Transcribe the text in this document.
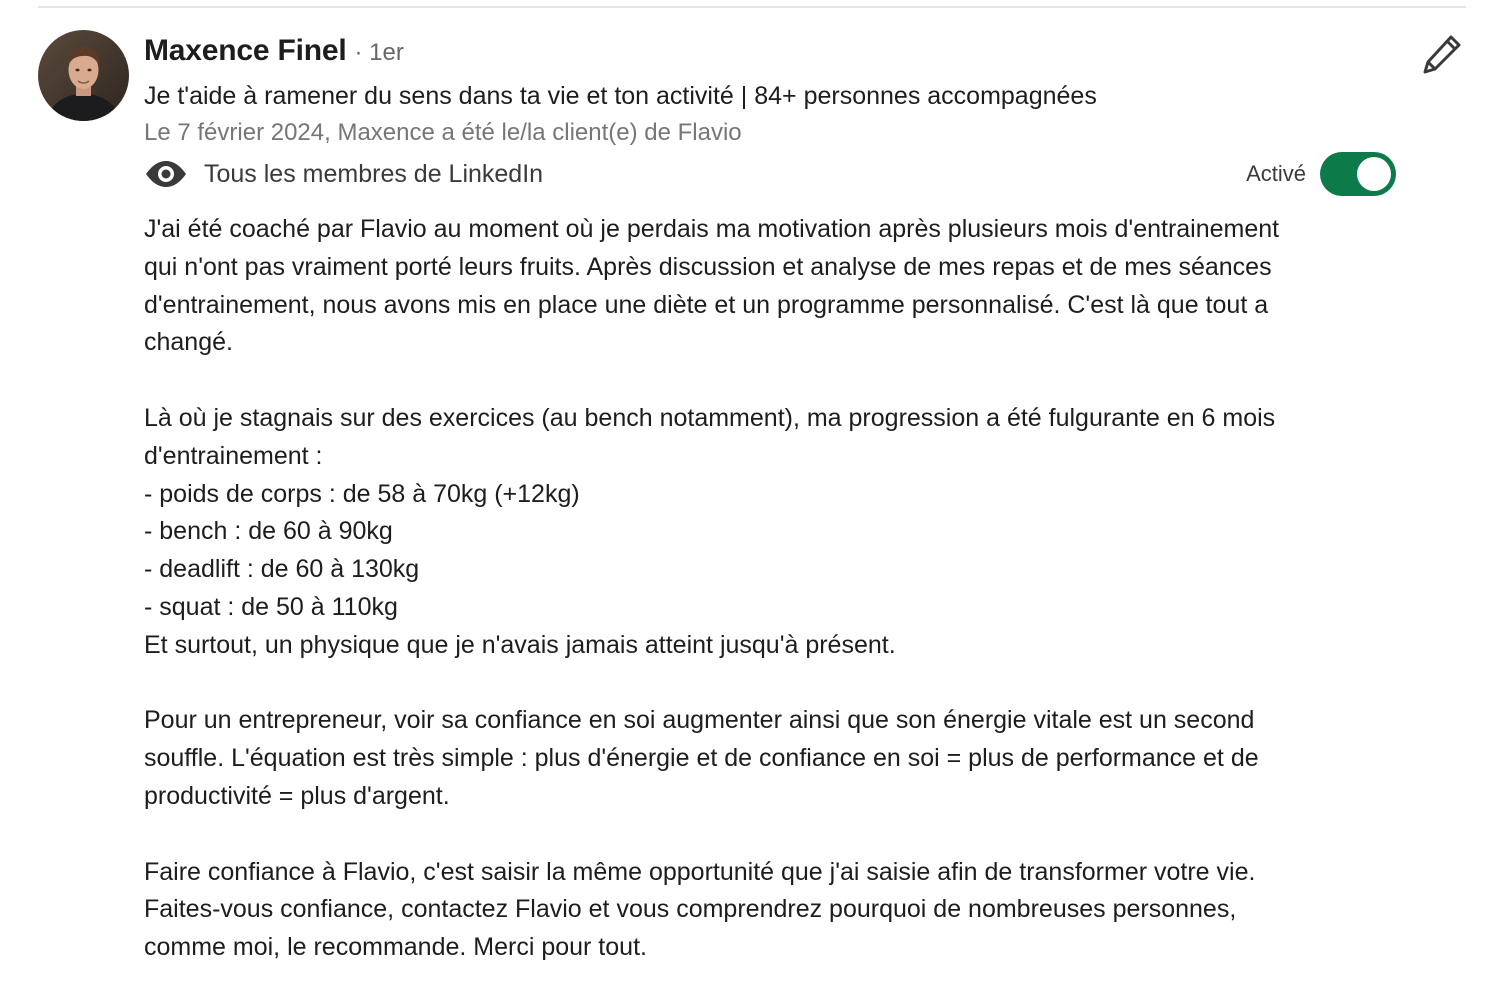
Maxence Finel · 1er
Je t'aide à ramener du sens dans ta vie et ton activité | 84+ personnes accompagnées
Le 7 février 2024, Maxence a été le/la client(e) de Flavio
Tous les membres de LinkedIn	Activé

J'ai été coaché par Flavio au moment où je perdais ma motivation après plusieurs mois d'entrainement
qui n'ont pas vraiment porté leurs fruits. Après discussion et analyse de mes repas et de mes séances
d'entrainement, nous avons mis en place une diète et un programme personnalisé. C'est là que tout a
changé.

Là où je stagnais sur des exercices (au bench notamment), ma progression a été fulgurante en 6 mois
d'entrainement :
- poids de corps : de 58 à 70kg (+12kg)
- bench : de 60 à 90kg
- deadlift : de 60 à 130kg
- squat : de 50 à 110kg
Et surtout, un physique que je n'avais jamais atteint jusqu'à présent.

Pour un entrepreneur, voir sa confiance en soi augmenter ainsi que son énergie vitale est un second
souffle. L'équation est très simple : plus d'énergie et de confiance en soi = plus de performance et de
productivité = plus d'argent.

Faire confiance à Flavio, c'est saisir la même opportunité que j'ai saisie afin de transformer votre vie.
Faites-vous confiance, contactez Flavio et vous comprendrez pourquoi de nombreuses personnes,
comme moi, le recommande. Merci pour tout.
